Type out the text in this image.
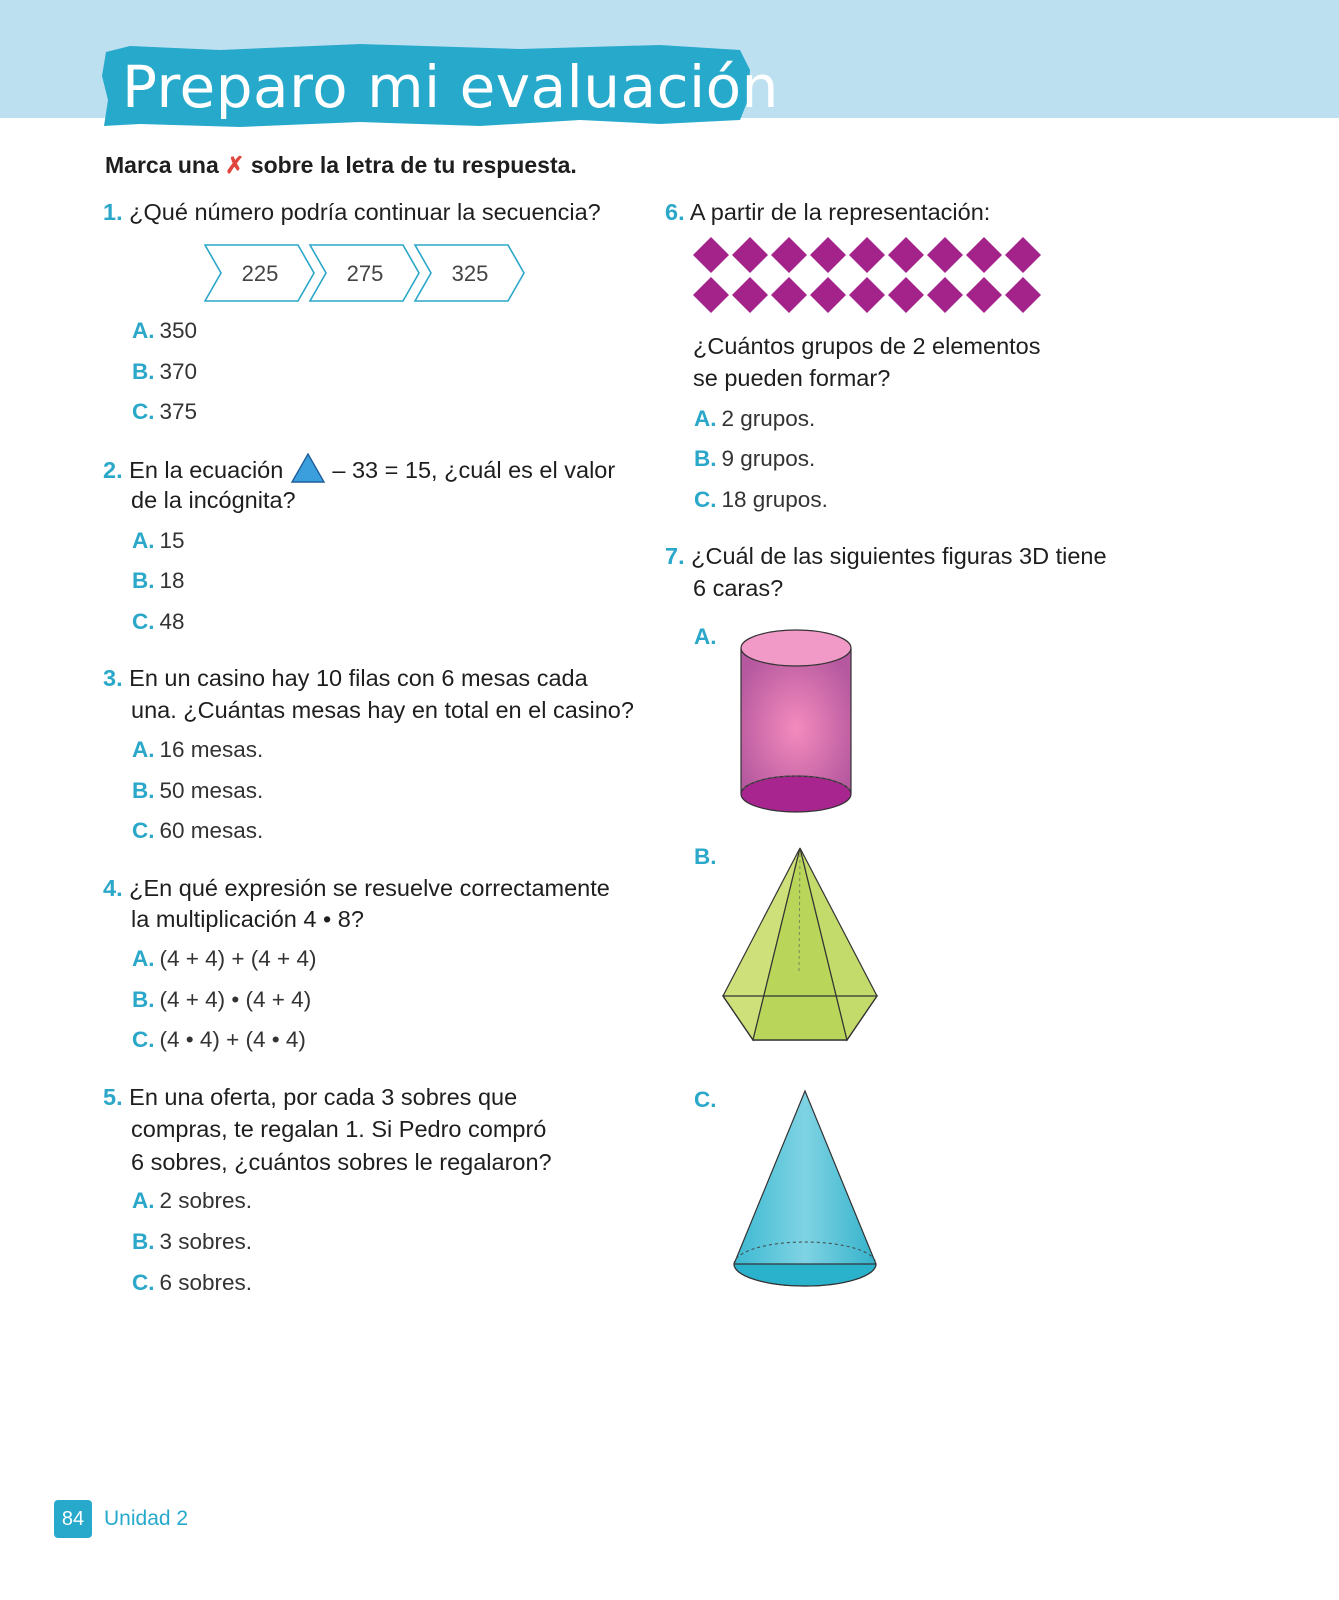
Preparo mi evaluación
Marca una ✗ sobre la letra de tu respuesta.
1. ¿Qué número podría continuar la secuencia?
225	275	325
A. 350
B. 370
C. 375
2. En la ecuación – 33 = 15, ¿cuál es el valor
de la incógnita?
A. 15
B. 18
C. 48
3. En un casino hay 10 filas con 6 mesas cada
una. ¿Cuántas mesas hay en total en el casino?
A. 16 mesas.
B. 50 mesas.
C. 60 mesas.
4. ¿En qué expresión se resuelve correctamente
la multiplicación 4 • 8?
A. (4 + 4) + (4 + 4)
B. (4 + 4) • (4 + 4)
C. (4 • 4) + (4 • 4)
5. En una oferta, por cada 3 sobres que
compras, te regalan 1. Si Pedro compró
6 sobres, ¿cuántos sobres le regalaron?
A. 2 sobres.
B. 3 sobres.
C. 6 sobres.
6. A partir de la representación:
¿Cuántos grupos de 2 elementos
se pueden formar?
A. 2 grupos.
B. 9 grupos.
C. 18 grupos.
7. ¿Cuál de las siguientes figuras 3D tiene
6 caras?
A.
B.
C.
84 Unidad 2
